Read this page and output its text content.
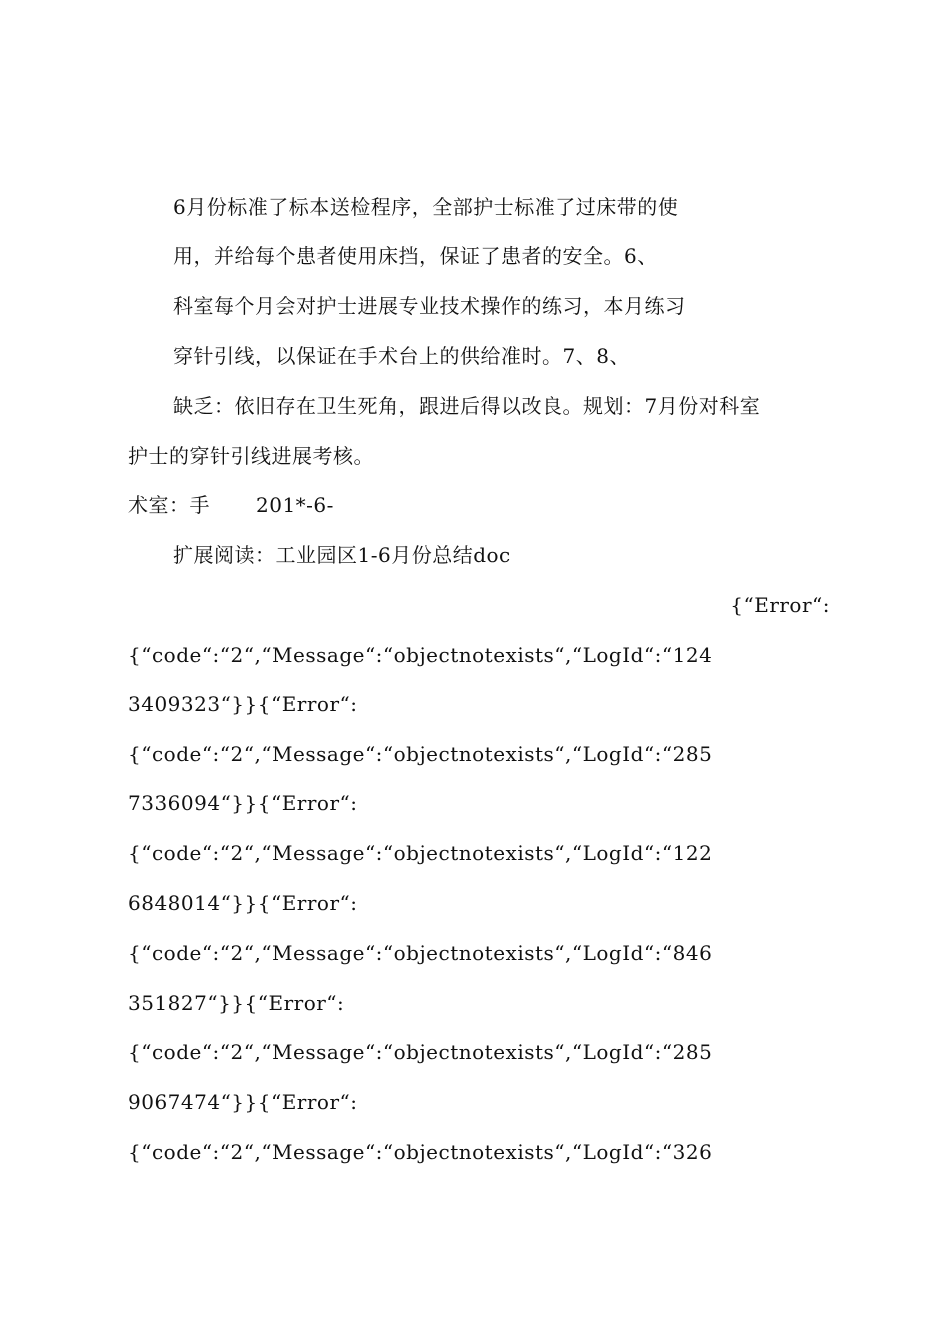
6月份标准了标本送检程序，全部护士标准了过床带的使
用，并给每个患者使用床挡，保证了患者的安全。6、
科室每个月会对护士进展专业技术操作的练习，本月练习
穿针引线，以保证在手术台上的供给准时。7、8、
缺乏：依旧存在卫生死角，跟进后得以改良。规划：7月份对科室
护士的穿针引线进展考核。
术室：手 201*-6-
扩展阅读：工业园区1-6月份总结doc
{“Error“:
{“code“:“2“,“Message“:“objectnotexists“,“LogId“:“124
3409323“}}{“Error“:
{“code“:“2“,“Message“:“objectnotexists“,“LogId“:“285
7336094“}}{“Error“:
{“code“:“2“,“Message“:“objectnotexists“,“LogId“:“122
6848014“}}{“Error“:
{“code“:“2“,“Message“:“objectnotexists“,“LogId“:“846
351827“}}{“Error“:
{“code“:“2“,“Message“:“objectnotexists“,“LogId“:“285
9067474“}}{“Error“:
{“code“:“2“,“Message“:“objectnotexists“,“LogId“:“326
